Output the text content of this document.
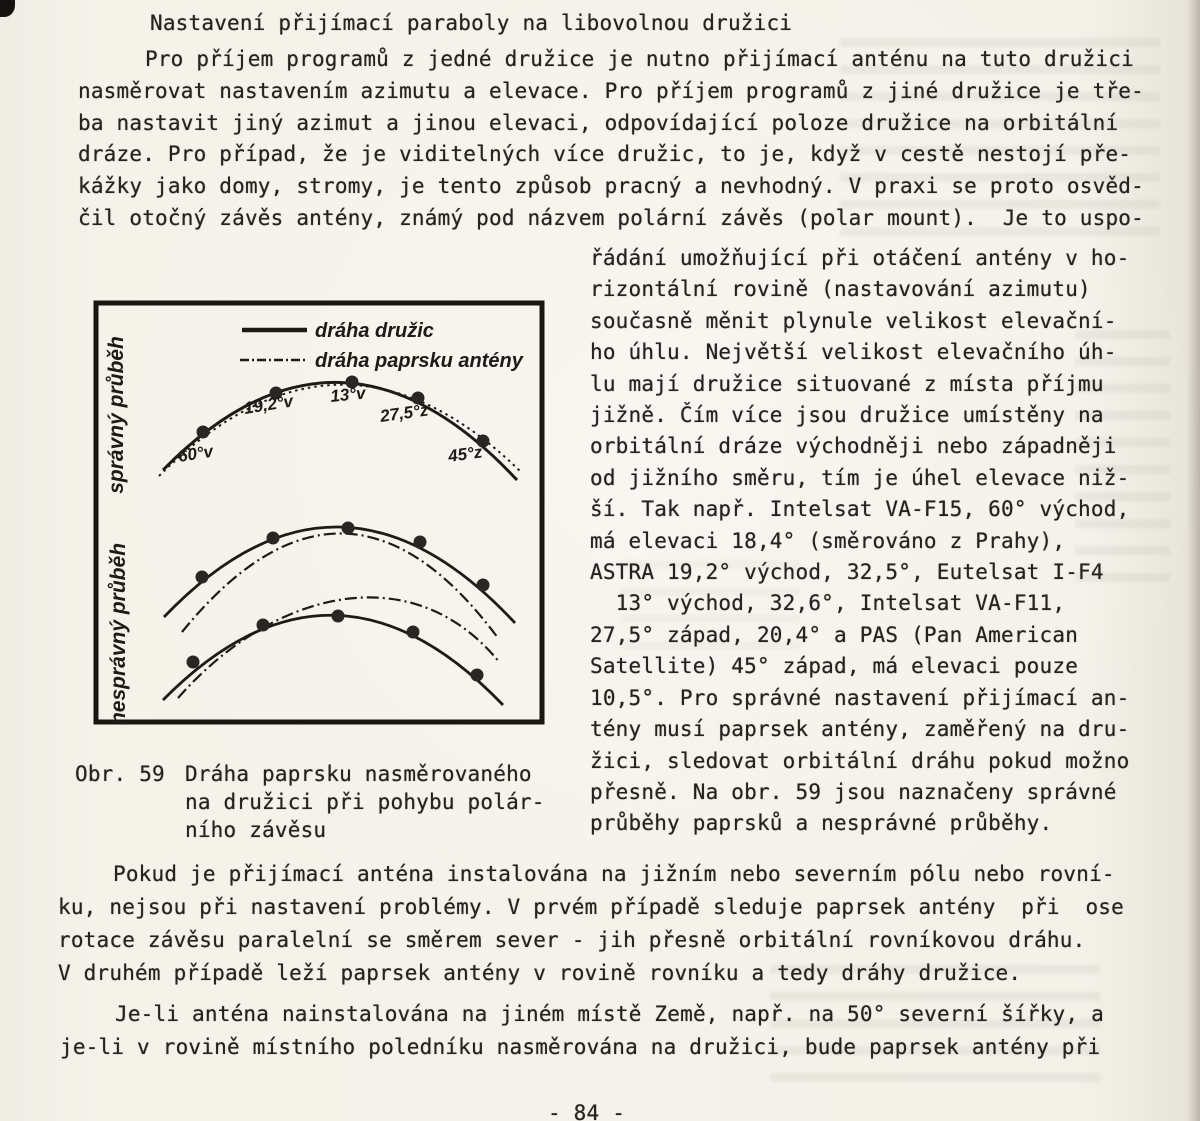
Nastavení přijímací paraboly na libovolnou družici
Pro příjem programů z jedné družice je nutno přijímací anténu na tuto družici
nasměrovat nastavením azimutu a elevace. Pro příjem programů z jiné družice je tře-
ba nastavit jiný azimut a jinou elevaci, odpovídající poloze družice na orbitální
dráze. Pro případ, že je viditelných více družic, to je, když v cestě nestojí pře-
kážky jako domy, stromy, je tento způsob pracný a nevhodný. V praxi se proto osvěd-
čil otočný závěs antény, známý pod názvem polární závěs (polar mount).  Je to uspo-
řádání umožňující při otáčení antény v ho-
rizontální rovině (nastavování azimutu)
současně měnit plynule velikost elevační-
ho úhlu. Největší velikost elevačního úh-
lu mají družice situované z místa příjmu
jižně. Čím více jsou družice umístěny na
orbitální dráze východněji nebo západněji
od jižního směru, tím je úhel elevace niž-
ší. Tak např. Intelsat VA-F15, 60° východ,
má elevaci 18,4° (směrováno z Prahy),
ASTRA 19,2° východ, 32,5°, Eutelsat I-F4
13° východ, 32,6°, Intelsat VA-F11,
27,5° západ, 20,4° a PAS (Pan American
Satellite) 45° západ, má elevaci pouze
10,5°. Pro správné nastavení přijímací an-
tény musí paprsek antény, zaměřený na dru-
žici, sledovat orbitální dráhu pokud možno
přesně. Na obr. 59 jsou naznačeny správné
průběhy paprsků a nesprávné průběhy.
dráha družic
dráha paprsku antény
správný průběh
nesprávný průběh
60°v
19,2°v 13°v
27,5°z
45°z
Obr. 59 Dráha paprsku nasměrovaného
na družici při pohybu polár-
ního závěsu
Pokud je přijímací anténa instalována na jižním nebo severním pólu nebo rovní-
ku, nejsou při nastavení problémy. V prvém případě sleduje paprsek antény  při  ose
rotace závěsu paralelní se směrem sever - jih přesně orbitální rovníkovou dráhu.
V druhém případě leží paprsek antény v rovině rovníku a tedy dráhy družice.
Je-li anténa nainstalována na jiném místě Země, např. na 50° severní šířky, a
je-li v rovině místního poledníku nasměrována na družici, bude paprsek antény při
- 84 -
